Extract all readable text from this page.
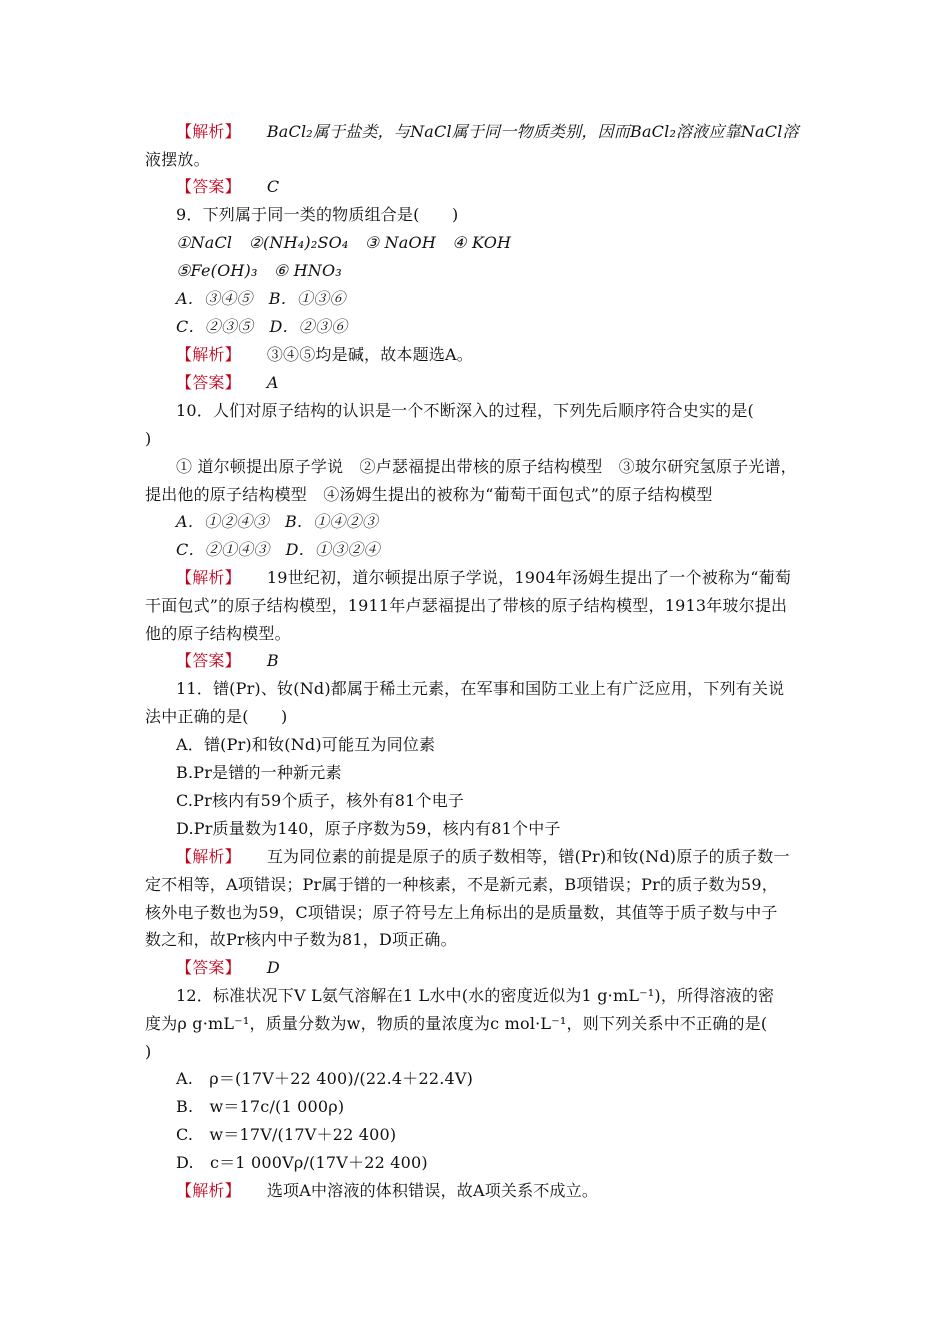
【解析】 BaCl₂属于盐类，与NaCl属于同一物质类别，因而BaCl₂溶液应靠NaCl溶
液摆放。
【答案】 C
9．下列属于同一类的物质组合是(　　)
①NaCl　②(NH₄)₂SO₄　③ NaOH　④ KOH
⑤Fe(OH)₃　⑥ HNO₃
A．③④⑤　B．①③⑥
C．②③⑤　D．②③⑥
【解析】 ③④⑤均是碱，故本题选A。
【答案】 A
10．人们对原子结构的认识是一个不断深入的过程，下列先后顺序符合史实的是(
)
① 道尔顿提出原子学说　②卢瑟福提出带核的原子结构模型　③玻尔研究氢原子光谱，
提出他的原子结构模型　④汤姆生提出的被称为“葡萄干面包式”的原子结构模型
A．①②④③　B．①④②③
C．②①④③　D．①③②④
【解析】 19世纪初，道尔顿提出原子学说，1904年汤姆生提出了一个被称为“葡萄
干面包式”的原子结构模型，1911年卢瑟福提出了带核的原子结构模型，1913年玻尔提出
他的原子结构模型。
【答案】 B
11．镨(Pr)、钕(Nd)都属于稀土元素，在军事和国防工业上有广泛应用，下列有关说
法中正确的是(　　)
A．镨(Pr)和钕(Nd)可能互为同位素
B.Pr是镨的一种新元素
C.Pr核内有59个质子，核外有81个电子
D.Pr质量数为140，原子序数为59，核内有81个中子
【解析】 互为同位素的前提是原子的质子数相等，镨(Pr)和钕(Nd)原子的质子数一
定不相等，A项错误；Pr属于镨的一种核素，不是新元素，B项错误；Pr的质子数为59，
核外电子数也为59，C项错误；原子符号左上角标出的是质量数，其值等于质子数与中子
数之和，故Pr核内中子数为81，D项正确。
【答案】 D
12．标准状况下V L氨气溶解在1 L水中(水的密度近似为1 g·mL⁻¹)，所得溶液的密
度为ρ g·mL⁻¹，质量分数为w，物质的量浓度为c mol·L⁻¹，则下列关系中不正确的是(
)
A.　ρ＝(17V＋22 400)/(22.4＋22.4V)
B.　w＝17c/(1 000ρ)
C.　w＝17V/(17V＋22 400)
D.　c＝1 000Vρ/(17V＋22 400)
【解析】 选项A中溶液的体积错误，故A项关系不成立。
